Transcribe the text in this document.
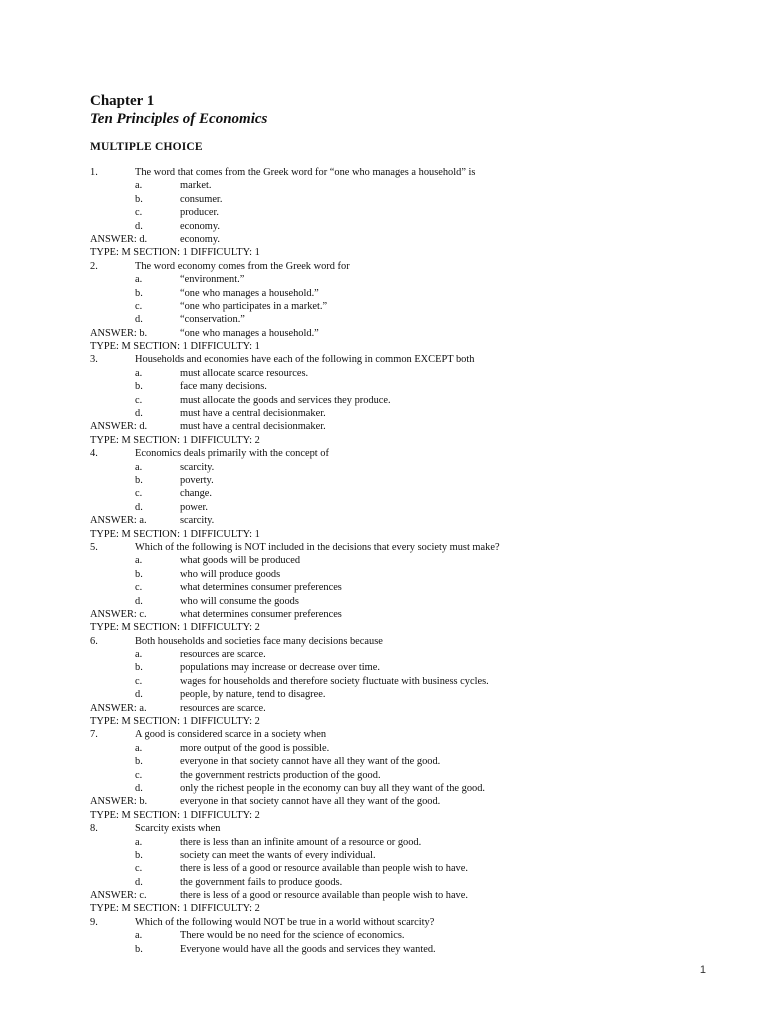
Chapter 1
Ten Principles of Economics
MULTIPLE CHOICE
1.	The word that comes from the Greek word for “one who manages a household” is
a.	market.
b.	consumer.
c.	producer.
d.	economy.
ANSWER: d.	economy.
TYPE: M SECTION: 1 DIFFICULTY: 1
2.	The word economy comes from the Greek word for
a.	“environment.”
b.	“one who manages a household.”
c.	“one who participates in a market.”
d.	“conservation.”
ANSWER: b.	“one who manages a household.”
TYPE: M SECTION: 1 DIFFICULTY: 1
3.	Households and economies have each of the following in common EXCEPT both
a.	must allocate scarce resources.
b.	face many decisions.
c.	must allocate the goods and services they produce.
d.	must have a central decisionmaker.
ANSWER: d.	must have a central decisionmaker.
TYPE: M SECTION: 1 DIFFICULTY: 2
4.	Economics deals primarily with the concept of
a.	scarcity.
b.	poverty.
c.	change.
d.	power.
ANSWER: a.	scarcity.
TYPE: M SECTION: 1 DIFFICULTY: 1
5.	Which of the following is NOT included in the decisions that every society must make?
a.	what goods will be produced
b.	who will produce goods
c.	what determines consumer preferences
d.	who will consume the goods
ANSWER: c.	what determines consumer preferences
TYPE: M SECTION: 1 DIFFICULTY: 2
6.	Both households and societies face many decisions because
a.	resources are scarce.
b.	populations may increase or decrease over time.
c.	wages for households and therefore society fluctuate with business cycles.
d.	people, by nature, tend to disagree.
ANSWER: a.	resources are scarce.
TYPE: M SECTION: 1 DIFFICULTY: 2
7.	A good is considered scarce in a society when
a.	more output of the good is possible.
b.	everyone in that society cannot have all they want of the good.
c.	the government restricts production of the good.
d.	only the richest people in the economy can buy all they want of the good.
ANSWER: b.	everyone in that society cannot have all they want of the good.
TYPE: M SECTION: 1 DIFFICULTY: 2
8.	Scarcity exists when
a.	there is less than an infinite amount of a resource or good.
b.	society can meet the wants of every individual.
c.	there is less of a good or resource available than people wish to have.
d.	the government fails to produce goods.
ANSWER: c.	there is less of a good or resource available than people wish to have.
TYPE: M SECTION: 1 DIFFICULTY: 2
9.	Which of the following would NOT be true in a world without scarcity?
a.	There would be no need for the science of economics.
b.	Everyone would have all the goods and services they wanted.
1
